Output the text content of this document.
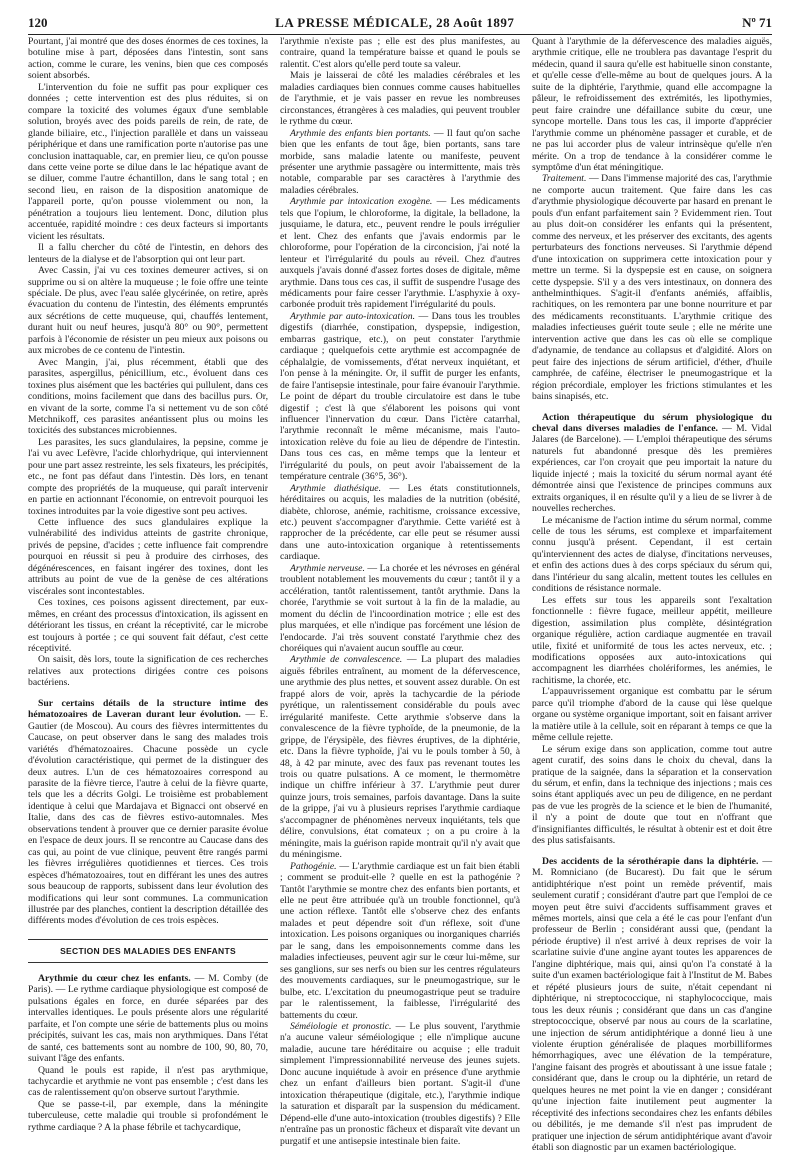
120	LA PRESSE MÉDICALE, 28 Août 1897	Nº 71

Pourtant, j'ai montré que des doses énormes de ces toxines, la botuline mise à part, déposées dans l'intestin, sont sans action, comme le curare, les venins, bien que ces composés soient absorbés.

L'intervention du foie ne suffit pas pour expliquer ces données ; cette intervention est des plus réduites, si on compare la toxicité des volumes égaux d'une semblable solution, broyés avec des poids pareils de rein, de rate, de glande biliaire, etc., l'injection parallèle et dans un vaisseau périphérique et dans une ramification porte n'autorise pas une conclusion inattaquable, car, en premier lieu, ce qu'on pousse dans cette veine porte se dilue dans le lac hépatique avant de se diluer, comme l'autre échantillon, dans le sang total ; en second lieu, en raison de la disposition anatomique de l'appareil porte, qu'on pousse violemment ou non, la pénétration a toujours lieu lentement. Donc, dilution plus accentuée, rapidité moindre : ces deux facteurs si importants vicient les résultats.

Il a fallu chercher du côté de l'intestin, en dehors des lenteurs de la dialyse et de l'absorption qui ont leur part.

Avec Cassin, j'ai vu ces toxines demeurer actives, si on supprime ou si on altère la muqueuse ; le foie offre une teinte spéciale. De plus, avec l'eau salée glycérinée, on retire, après évacuation du contenu de l'intestin, des éléments empruntés aux sécrétions de cette muqueuse, qui, chauffés lentement, durant huit ou neuf heures, jusqu'à 80° ou 90°, permettent parfois à l'économie de résister un peu mieux aux poisons ou aux microbes de ce contenu de l'intestin.

Avec Mangin, j'ai, plus récemment, établi que des parasites, aspergillus, pénicillium, etc., évoluent dans ces toxines plus aisément que les bactéries qui pullulent, dans ces conditions, moins facilement que dans des bacillus purs. Or, en vivant de la sorte, comme l'a si nettement vu de son côté Metchnikoff, ces parasites anéantissent plus ou moins les toxicités des substances microbiennes.

Les parasites, les sucs glandulaires, la pepsine, comme je l'ai vu avec Lefèvre, l'acide chlorhydrique, qui interviennent pour une part assez restreinte, les sels fixateurs, les précipités, etc., ne font pas défaut dans l'intestin. Dès lors, en tenant compte des propriétés de la muqueuse, qui paraît intervenir en partie en actionnant l'économie, on entrevoit pourquoi les toxines introduites par la voie digestive sont peu actives.

Cette influence des sucs glandulaires explique la vulnérabilité des individus atteints de gastrite chronique, privés de pepsine, d'acides ; cette influence fait comprendre pourquoi en réussit si peu à produire des cirrhoses, des dégénérescences, en faisant ingérer des toxines, dont les attributs au point de vue de la genèse de ces altérations viscérales sont incontestables.

Ces toxines, ces poisons agissent directement, par eux-mêmes, en créant des processus d'intoxication, ils agissent en détériorant les tissus, en créant la réceptivité, car le microbe est toujours à portée ; ce qui souvent fait défaut, c'est cette réceptivité.

On saisit, dès lors, toute la signification de ces recherches relatives aux protections dirigées contre ces poisons bactériens.

Sur certains détails de la structure intime des hématozoaires de Laveran durant leur évolution. — E. Gautier (de Moscou). Au cours des fièvres intermittentes du Caucase, on peut observer dans le sang des malades trois variétés d'hématozoaires. Chacune possède un cycle d'évolution caractéristique, qui permet de la distinguer des deux autres. L'un de ces hématozoaires correspond au parasite de la fièvre tierce, l'autre à celui de la fièvre quarte, tels que les a décrits Golgi. Le troisième est probablement identique à celui que Mardajava et Bignacci ont observé en Italie, dans des cas de fièvres estivo-automnales. Mes observations tendent à prouver que ce dernier parasite évolue en l'espace de deux jours. Il se rencontre au Caucase dans des cas qui, au point de vue clinique, peuvent être rangés parmi les fièvres irrégulières quotidiennes et tierces. Ces trois espèces d'hématozoaires, tout en différant les unes des autres sous beaucoup de rapports, subissent dans leur évolution des modifications qui leur sont communes. La communication illustrée par des planches, contient la description détaillée des différents modes d'évolution de ces trois espèces.

SECTION DES MALADIES DES ENFANTS

Arythmie du cœur chez les enfants. — M. Comby (de Paris). — Le rythme cardiaque physiologique est composé de pulsations égales en force, en durée séparées par des intervalles identiques. Le pouls présente alors une régularité parfaite, et l'on compte une série de battements plus ou moins précipités, suivant les cas, mais non arythmiques. Dans l'état de santé, ces battements sont au nombre de 100, 90, 80, 70, suivant l'âge des enfants.

Quand le pouls est rapide, il n'est pas arythmique, tachycardie et arythmie ne vont pas ensemble ; c'est dans les cas de ralentissement qu'on observe surtout l'arythmie.

Que se passe-t-il, par exemple, dans la méningite tuberculeuse, cette maladie qui trouble si profondément le rythme cardiaque ? A la phase fébrile et tachycardique,

l'arythmie n'existe pas ; elle est des plus manifestes, au contraire, quand la température baisse et quand le pouls se ralentit. C'est alors qu'elle perd toute sa valeur.

Mais je laisserai de côté les maladies cérébrales et les maladies cardiaques bien connues comme causes habituelles de l'arythmie, et je vais passer en revue les nombreuses circonstances, étrangères à ces maladies, qui peuvent troubler le rythme du cœur.

Arythmie des enfants bien portants. — Il faut qu'on sache bien que les enfants de tout âge, bien portants, sans tare morbide, sans maladie latente ou manifeste, peuvent présenter une arythmie passagère ou intermittente, mais très notable, comparable par ses caractères à l'arythmie des maladies cérébrales.

Arythmie par intoxication exogène. — Les médicaments tels que l'opium, le chloroforme, la digitale, la belladone, la jusquiame, le datura, etc., peuvent rendre le pouls irrégulier et lent. Chez des enfants que j'avais endormis par le chloroforme, pour l'opération de la circoncision, j'ai noté la lenteur et l'irrégularité du pouls au réveil. Chez d'autres auxquels j'avais donné d'assez fortes doses de digitale, même arythmie. Dans tous ces cas, il suffit de suspendre l'usage des médicaments pour faire cesser l'arythmie. L'asphyxie à oxy-carbonée produit très rapidement l'irrégularité du pouls.

Arythmie par auto-intoxication. — Dans tous les troubles digestifs (diarrhée, constipation, dyspepsie, indigestion, embarras gastrique, etc.), on peut constater l'arythmie cardiaque ; quelquefois cette arythmie est accompagnée de céphalalgie, de vomissements, d'état nerveux inquiétant, et l'on pense à la méningite. Or, il suffit de purger les enfants, de faire l'antisepsie intestinale, pour faire évanouir l'arythmie. Le point de départ du trouble circulatoire est dans le tube digestif ; c'est là que s'élaborent les poisons qui vont influencer l'innervation du cœur. Dans l'ictère catarrhal, l'arythmie reconnaît le même mécanisme, mais l'auto-intoxication relève du foie au lieu de dépendre de l'intestin. Dans tous ces cas, en même temps que la lenteur et l'irrégularité du pouls, on peut avoir l'abaissement de la température centrale (36°5, 36°).

Arythmie diathésique. — Les états constitutionnels, héréditaires ou acquis, les maladies de la nutrition (obésité, diabète, chlorose, anémie, rachitisme, croissance excessive, etc.) peuvent s'accompagner d'arythmie. Cette variété est à rapprocher de la précédente, car elle peut se résumer aussi dans une auto-intoxication organique à retentissements cardiaque.

Arythmie nerveuse. — La chorée et les névroses en général troublent notablement les mouvements du cœur ; tantôt il y a accélération, tantôt ralentissement, tantôt arythmie. Dans la chorée, l'arythmie se voit surtout à la fin de la maladie, au moment du déclin de l'incoordination motrice ; elle est des plus marquées, et elle n'indique pas forcément une lésion de l'endocarde. J'ai très souvent constaté l'arythmie chez des choréiques qui n'avaient aucun souffle au cœur.

Arythmie de convalescence. — La plupart des maladies aiguës fébriles entraînent, au moment de la défervescence, une arythmie des plus nettes, et souvent assez durable. On est frappé alors de voir, après la tachycardie de la période pyrétique, un ralentissement considérable du pouls avec irrégularité manifeste. Cette arythmie s'observe dans la convalescence de la fièvre typhoïde, de la pneumonie, de la grippe, de l'érysipèle, des fièvres éruptives, de la diphtérie, etc. Dans la fièvre typhoïde, j'ai vu le pouls tomber à 50, à 48, à 42 par minute, avec des faux pas revenant toutes les trois ou quatre pulsations. A ce moment, le thermomètre indique un chiffre inférieur à 37. L'arythmie peut durer quinze jours, trois semaines, parfois davantage. Dans la suite de la grippe, j'ai vu à plusieurs reprises l'arythmie cardiaque s'accompagner de phénomènes nerveux inquiétants, tels que délire, convulsions, état comateux ; on a pu croire à la méningite, mais la guérison rapide montrait qu'il n'y avait que du méningisme.

Pathogénie. — L'arythmie cardiaque est un fait bien établi ; comment se produit-elle ? quelle en est la pathogénie ? Tantôt l'arythmie se montre chez des enfants bien portants, et elle ne peut être attribuée qu'à un trouble fonctionnel, qu'à une action réflexe. Tantôt elle s'observe chez des enfants malades et peut dépendre soit d'un réflexe, soit d'une intoxication. Les poisons organiques ou inorganiques charriés par le sang, dans les empoisonnements comme dans les maladies infectieuses, peuvent agir sur le cœur lui-même, sur ses ganglions, sur ses nerfs ou bien sur les centres régulateurs des mouvements cardiaques, sur le pneumogastrique, sur le bulbe, etc. L'excitation du pneumogastrique peut se traduire par le ralentissement, la faiblesse, l'irrégularité des battements du cœur.

Séméiologie et pronostic. — Le plus souvent, l'arythmie n'a aucune valeur séméiologique ; elle n'implique aucune maladie, aucune tare héréditaire ou acquise ; elle traduit simplement l'impressionnabilité nerveuse des jeunes sujets. Donc aucune inquiétude à avoir en présence d'une arythmie chez un enfant d'ailleurs bien portant. S'agit-il d'une intoxication thérapeutique (digitale, etc.), l'arythmie indique la saturation et disparaît par la suspension du médicament. Dépend-elle d'une auto-intoxication (troubles digestifs) ? Elle n'entraîne pas un pronostic fâcheux et disparaît vite devant un purgatif et une antisepsie intestinale bien faite.

Quant à l'arythmie de la défervescence des maladies aiguës, arythmie critique, elle ne troublera pas davantage l'esprit du médecin, quand il saura qu'elle est habituelle sinon constante, et qu'elle cesse d'elle-même au bout de quelques jours. A la suite de la diphtérie, l'arythmie, quand elle accompagne la pâleur, le refroidissement des extrémités, les lipothymies, peut faire craindre une défaillance subite du cœur, une syncope mortelle. Dans tous les cas, il importe d'apprécier l'arythmie comme un phénomène passager et curable, et de ne pas lui accorder plus de valeur intrinsèque qu'elle n'en mérite. On a trop de tendance à la considérer comme le symptôme d'un état méningitique.

Traitement. — Dans l'immense majorité des cas, l'arythmie ne comporte aucun traitement. Que faire dans les cas d'arythmie physiologique découverte par hasard en prenant le pouls d'un enfant parfaitement sain ? Evidemment rien. Tout au plus doit-on considérer les enfants qui la présentent, comme des nerveux, et les préserver des excitants, des agents perturbateurs des fonctions nerveuses. Si l'arythmie dépend d'une intoxication on supprimera cette intoxication pour y mettre un terme. Si la dyspepsie est en cause, on soignera cette dyspepsie. S'il y a des vers intestinaux, on donnera des anthelminthiques. S'agit-il d'enfants anémiés, affaiblis, rachitiques, on les remontera par une bonne nourriture et par des médicaments reconstituants. L'arythmie critique des maladies infectieuses guérit toute seule ; elle ne mérite une intervention active que dans les cas où elle se complique d'adynamie, de tendance au collapsus et d'algidité. Alors on peut faire des injections de sérum artificiel, d'éther, d'huile camphrée, de caféine, électriser le pneumogastrique et la région précordiale, employer les frictions stimulantes et les bains sinapisés, etc.

Action thérapeutique du sérum physiologique du cheval dans diverses maladies de l'enfance. — M. Vidal Jalares (de Barcelone). — L'emploi thérapeutique des sérums naturels fut abandonné presque dès les premières expériences, car l'on croyait que peu importait la nature du liquide injecté ; mais la toxicité du sérum normal ayant été démontrée ainsi que l'existence de principes communs aux extraits organiques, il en résulte qu'il y a lieu de se livrer à de nouvelles recherches.

Le mécanisme de l'action intime du sérum normal, comme celle de tous les sérums, est complexe et imparfaitement connu jusqu'à présent. Cependant, il est certain qu'interviennent des actes de dialyse, d'incitations nerveuses, et enfin des actions dues à des corps spéciaux du sérum qui, dans l'intérieur du sang alcalin, mettent toutes les cellules en conditions de résistance normale.

Les effets sur tous les appareils sont l'exaltation fonctionnelle : fièvre fugace, meilleur appétit, meilleure digestion, assimilation plus complète, désintégration organique régulière, action cardiaque augmentée en travail utile, fixité et uniformité de tous les actes nerveux, etc. ; modifications opposées aux auto-intoxications qui accompagnent les diarrhées cholériformes, les anémies, le rachitisme, la chorée, etc.

L'appauvrissement organique est combattu par le sérum parce qu'il triomphe d'abord de la cause qui lèse quelque organe ou système organique important, soit en faisant arriver la matière utile à la cellule, soit en réparant à temps ce que la même cellule rejette.

Le sérum exige dans son application, comme tout autre agent curatif, des soins dans le choix du cheval, dans la pratique de la saignée, dans la séparation et la conservation du sérum, et enfin, dans la technique des injections ; mais ces soins étant appliqués avec un peu de diligence, en ne perdant pas de vue les progrès de la science et le bien de l'humanité, il n'y a point de doute que tout en n'offrant que d'insignifiantes difficultés, le résultat à obtenir est et doit être des plus satisfaisants.

Des accidents de la sérothérapie dans la diphtérie. — M. Romniciano (de Bucarest). Du fait que le sérum antidiphtérique n'est point un remède préventif, mais seulement curatif ; considérant d'autre part que l'emploi de ce moyen peut être suivi d'accidents suffisamment graves et mêmes mortels, ainsi que cela a été le cas pour l'enfant d'un professeur de Berlin ; considérant aussi que, (pendant la période éruptive) il n'est arrivé à deux reprises de voir la scarlatine suivie d'une angine ayant toutes les apparences de l'angine diphtérique, mais qui, ainsi qu'on l'a constaté à la suite d'un examen bactériologique fait à l'Institut de M. Babes et répété plusieurs jours de suite, n'était cependant ni diphtérique, ni streptococcique, ni staphylococcique, mais tous les deux réunis ; considérant que dans un cas d'angine streptococcique, observé par nous au cours de la scarlatine, une injection de sérum antidiphtérique a donné lieu à une violente éruption généralisée de plaques morbilliformes hémorrhagiques, avec une élévation de la température, l'angine faisant des progrès et aboutissant à une issue fatale ; considérant que, dans le croup ou la diphtérie, un retard de quelques heures ne met point la vie en danger ; considérant qu'une injection faite inutilement peut augmenter la réceptivité des infections secondaires chez les enfants débiles ou débilités, je me demande s'il n'est pas imprudent de pratiquer une injection de sérum antidiphtérique avant d'avoir établi son diagnostic par un examen bactériologique.
